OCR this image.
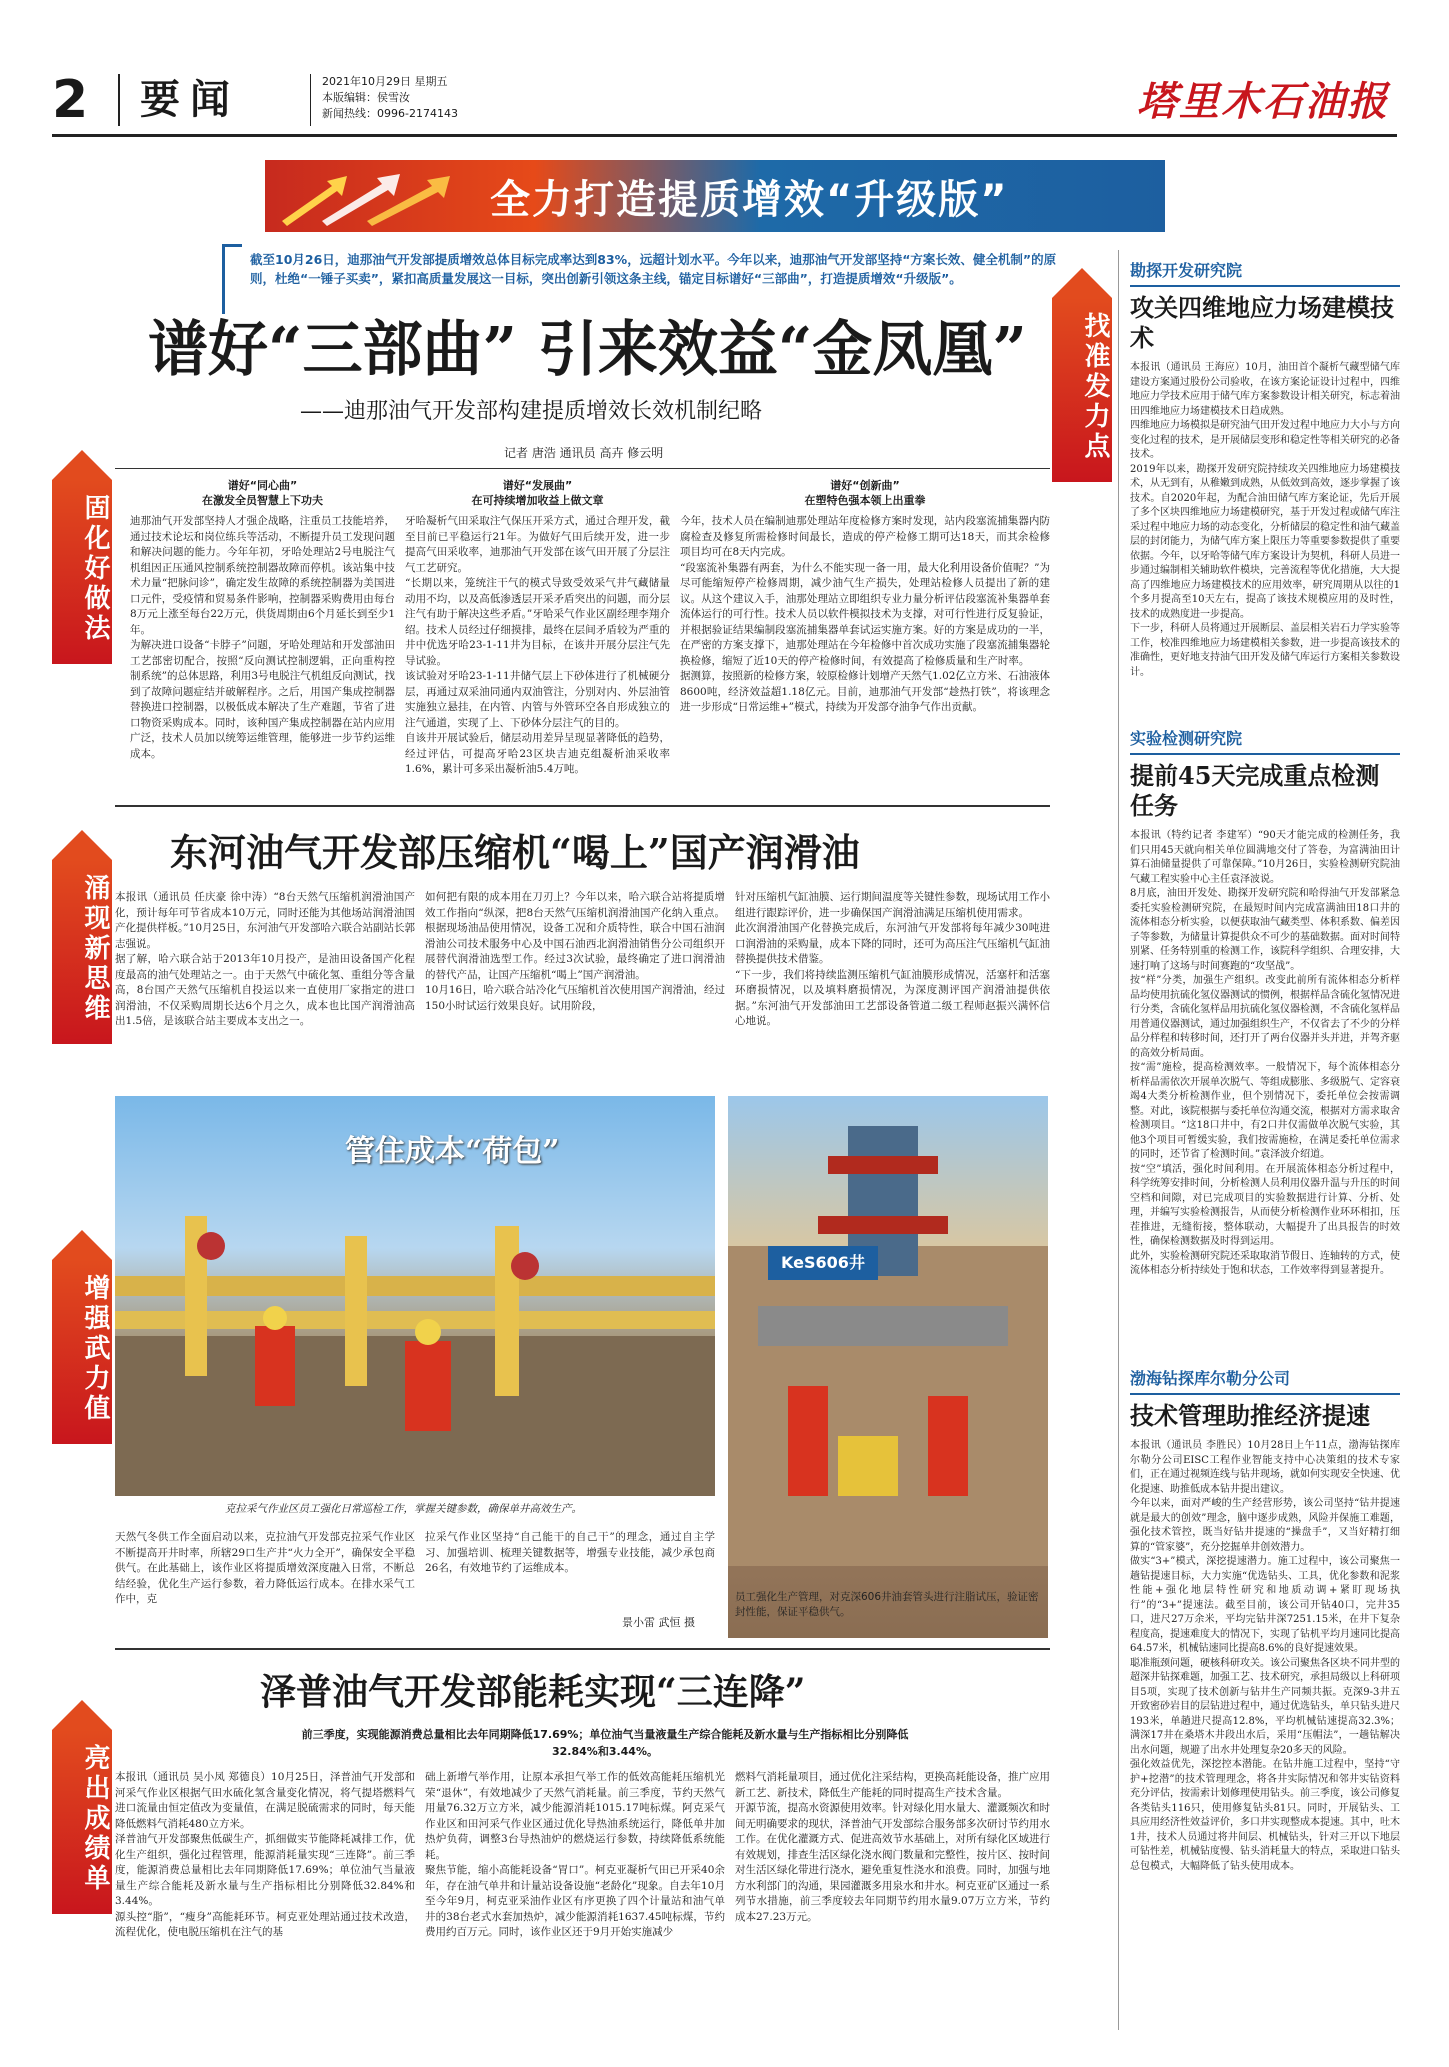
2 要闻	2021年10月29日 星期五
本版编辑：侯雪汝
新闻热线：0996-2174143	塔里木石油报
全力打造提质增效“升级版”
截至10月26日，迪那油气开发部提质增效总体目标完成率达到83%，远超计划水平。今年以来，迪那油气开发部坚持“方案长效、健全机制”的原则，杜绝“一锤子买卖”，紧扣高质量发展这一目标，突出创新引领这条主线，锚定目标谱好“三部曲”，打造提质增效“升级版”。
谱好“三部曲” 引来效益“金凤凰”
——迪那油气开发部构建提质增效长效机制纪略
记者 唐浩 通讯员 高卉 修云明
固化好做法
涌现新思维
增强武力值
亮出成绩单
找准发力点
谱好“同心曲”
在激发全员智慧上下功夫
迪那油气开发部坚持人才强企战略，注重员工技能培养，通过技术论坛和岗位练兵等活动，不断提升员工发现问题和解决问题的能力。今年年初，牙哈处理站2号电脱注气机组因正压通风控制系统控制器故障而停机。该站集中技术力量“把脉问诊”，确定发生故障的系统控制器为美国进口元件，受疫情和贸易条件影响，控制器采购费用由每台8万元上涨至每台22万元，供货周期由6个月延长到至少1年。
为解决进口设备“卡脖子”问题，牙哈处理站和开发部油田工艺部密切配合，按照“反向测试控制逻辑，正向重构控制系统”的总体思路，利用3号电脱注气机组反向测试，找到了故障问题症结并破解程序。之后，用国产集成控制器替换进口控制器，以极低成本解决了生产难题，节省了进口物资采购成本。同时，该种国产集成控制器在站内应用广泛，技术人员加以统筹运维管理，能够进一步节约运维成本。
谱好“发展曲”
在可持续增加收益上做文章
牙哈凝析气田采取注气保压开采方式，通过合理开发，截至目前已平稳运行21年。为做好气田后续开发，进一步提高气田采收率，迪那油气开发部在该气田开展了分层注气工艺研究。
“长期以来，笼统注干气的模式导致受效采气井气藏储量动用不均，以及高低渗透层开采矛盾突出的问题，而分层注气有助于解决这些矛盾。”牙哈采气作业区副经理李翔介绍。技术人员经过仔细摸排，最终在层间矛盾较为严重的井中优选牙哈23-1-11井为目标，在该井开展分层注气先导试验。
该试验对牙哈23-1-11井储气层上下砂体进行了机械硬分层，再通过双采油同通内双油管注，分别对内、外层油管实施独立悬挂，在内管、内管与外管环空各自形成独立的注气通道，实现了上、下砂体分层注气的目的。
自该井开展试验后，储层动用差异呈现显著降低的趋势，经过评估，可提高牙哈23区块吉迪克组凝析油采收率1.6%，累计可多采出凝析油5.4万吨。
谱好“创新曲”
在塑特色强本领上出重拳
今年，技术人员在编制迪那处理站年度检修方案时发现，站内段塞流捕集器内防腐检查及修复所需检修时间最长，造成的停产检修工期可达18天，而其余检修项目均可在8天内完成。
“段塞流补集器有两套，为什么不能实现一备一用，最大化利用设备价值呢？”为尽可能缩短停产检修周期，减少油气生产损失，处理站检修人员提出了新的建议。从这个建议入手，油那处理站立即组织专业力量分析评估段塞流补集器单套流体运行的可行性。技术人员以软件模拟技术为支撑，对可行性进行反复验证，并根据验证结果编制段塞流捕集器单套试运实施方案。好的方案是成功的一半，在严密的方案支撑下，迪那处理站在今年检修中首次成功实施了段塞流捕集器轮换检修，缩短了近10天的停产检修时间，有效提高了检修质量和生产时率。
据测算，按照新的检修方案，较原检修计划增产天然气1.02亿立方米、石油液体8600吨，经济效益超1.18亿元。目前，迪那油气开发部“趁热打铁”，将该理念进一步形成“日常运维+”模式，持续为开发部夺油争气作出贡献。
东河油气开发部压缩机“喝上”国产润滑油
本报讯（通讯员 任庆豪 徐中涛）“8台天然气压缩机润滑油国产化，预计每年可节省成本10万元，同时还能为其他场站润滑油国产化提供样板。”10月25日，东河油气开发部哈六联合站副站长郭志强说。
据了解，哈六联合站于2013年10月投产，是油田设备国产化程度最高的油气处理站之一。由于天然气中硫化氢、重组分等含量高，8台国产天然气压缩机自投运以来一直使用厂家指定的进口润滑油，不仅采购周期长达6个月之久，成本也比国产润滑油高出1.5倍，是该联合站主要成本支出之一。
如何把有限的成本用在刀刃上？今年以来，哈六联合站将提质增效工作指向“纵深，把8台天然气压缩机润滑油国产化纳入重点。根据现场油品使用情况，设备工况和介质特性，联合中国石油润滑油公司技术服务中心及中国石油西北润滑油销售分公司组织开展替代润滑油选型工作。经过3次试验，最终确定了进口润滑油的替代产品，让国产压缩机“喝上”国产润滑油。
10月16日，哈六联合站冷化气压缩机首次使用国产润滑油，经过150小时试运行效果良好。试用阶段，
针对压缩机气缸油膜、运行期间温度等关键性参数，现场试用工作小组进行跟踪评价，进一步确保国产润滑油满足压缩机使用需求。
此次润滑油国产化替换完成后，东河油气开发部将每年减少30吨进口润滑油的采购量，成本下降的同时，还可为高压注气压缩机气缸油替换提供技术借鉴。
“下一步，我们将持续监测压缩机气缸油膜形成情况，活塞杆和活塞环磨损情况，以及填料磨损情况，为深度测评国产润滑油提供依据。”东河油气开发部油田工艺部设备管道二级工程师赵振兴满怀信心地说。
管住成本“荷包”
克拉采气作业区员工强化日常巡检工作，掌握关键参数，确保单井高效生产。
KeS606井
员工强化生产管理，对克深606井油套管头进行注脂试压，验证密封性能，保证平稳供气。
天然气冬供工作全面启动以来，克拉油气开发部克拉采气作业区不断提高开井时率，所辖29口生产井“火力全开”，确保安全平稳供气。在此基础上，该作业区将提质增效深度融入日常，不断总结经验，优化生产运行参数，着力降低运行成本。在排水采气工作中，克
拉采气作业区坚持“自己能干的自己干”的理念，通过自主学习、加强培训、梳理关键数据等，增强专业技能，减少承包商26名，有效地节约了运维成本。
景小雷 武恒 摄
泽普油气开发部能耗实现“三连降”
前三季度，实现能源消费总量相比去年同期降低17.69%；单位油气当量液量生产综合能耗及新水量与生产指标相比分别降低32.84%和3.44%。
本报讯（通讯员 吴小凤 郑德良）10月25日，泽普油气开发部和河采气作业区根据气田水硫化氢含量变化情况，将气提塔燃料气进口流量由恒定值改为变量值，在满足脱硫需求的同时，每天能降低燃料气消耗480立方米。
泽普油气开发部聚焦低碳生产，抓细做实节能降耗减排工作，优化生产组织，强化过程管理，能源消耗量实现“三连降”。前三季度，能源消费总量相比去年同期降低17.69%；单位油气当量液量生产综合能耗及新水量与生产指标相比分别降低32.84%和3.44%。
源头控“脂”，“瘦身”高能耗环节。柯克亚处理站通过技术改造，流程优化，使电脱压缩机在注气的基
础上新增气举作用，让原本承担气举工作的低效高能耗压缩机光荣“退休”，有效地减少了天然气消耗量。前三季度，节约天然气用量76.32万立方米，减少能源消耗1015.17吨标煤。阿克采气作业区和田河采气作业区通过优化导热油系统运行，降低单井加热炉负荷，调整3台导热油炉的燃烧运行参数，持续降低系统能耗。
聚焦节能，缩小高能耗设备“胃口”。柯克亚凝析气田已开采40余年，存在油气单井和计量站设备设施“老龄化”现象。自去年10月至今年9月，柯克亚采油作业区有序更换了四个计量站和油气单井的38台老式水套加热炉，减少能源消耗1637.45吨标煤，节约费用约百万元。同时，该作业区还于9月开始实施减少
燃料气消耗量项目，通过优化注采结构，更换高耗能设备，推广应用新工艺、新技术，降低生产能耗的同时提高生产技术含量。
开源节流，提高水资源使用效率。针对绿化用水量大、灌溉频次和时间无明确要求的现状，泽普油气开发部综合服务部多次研讨节约用水工作。在优化灌溉方式、促进高效节水基础上，对所有绿化区域进行有效规划，排查生活区绿化浇水阀门数量和完整性，按片区、按时间对生活区绿化带进行浇水，避免重复性浇水和浪费。同时，加强与地方水利部门的沟通，果园灌溉多用泉水和井水。柯克亚矿区通过一系列节水措施，前三季度较去年同期节约用水量9.07万立方米，节约成本27.23万元。
勘探开发研究院
攻关四维地应力场建模技术
本报讯（通讯员 王海应）10月，油田首个凝析气藏型储气库建设方案通过股份公司验收，在该方案论证设计过程中，四维地应力学技术应用于储气库方案参数设计相关研究，标志着油田四维地应力场建模技术日趋成熟。
四维地应力场模拟是研究油气田开发过程中地应力大小与方向变化过程的技术，是开展储层变形和稳定性等相关研究的必备技术。
2019年以来，勘探开发研究院持续攻关四维地应力场建模技术，从无到有，从稚嫩到成熟，从低效到高效，逐步掌握了该技术。自2020年起，为配合油田储气库方案论证，先后开展了多个区块四维地应力场建模研究，基于开发过程或储气库注采过程中地应力场的动态变化，分析储层的稳定性和油气藏盖层的封闭能力，为储气库方案上限压力等重要参数提供了重要依据。今年，以牙哈等储气库方案设计为契机，科研人员进一步通过编制相关辅助软件模块，完善流程等优化措施，大大提高了四维地应力场建模技术的应用效率，研究周期从以往的1个多月提高至10天左右，提高了该技术规模应用的及时性，技术的成熟度进一步提高。
下一步，科研人员将通过开展断层、盖层相关岩石力学实验等工作，校准四维地应力场建模相关参数，进一步提高该技术的准确性，更好地支持油气田开发及储气库运行方案相关参数设计。
实验检测研究院
提前45天完成重点检测任务
本报讯（特约记者 李建军）“90天才能完成的检测任务，我们只用45天就向相关单位圆满地交付了答卷，为富满油田计算石油储量提供了可靠保障。”10月26日，实验检测研究院油气藏工程实验中心主任袁泽波说。
8月底，油田开发处、勘探开发研究院和哈得油气开发部紧急委托实验检测研究院，在最短时间内完成富满油田18口井的流体相态分析实验，以便获取油气藏类型、体积系数、偏差因子等参数，为储量计算提供众不可少的基础数据。面对时间特别紧、任务特别重的检测工作，该院科学组织、合理安排，大速打响了这场与时间赛跑的“攻坚战”。
按“样”分类，加强生产组织。改变此前所有流体相态分析样品均使用抗硫化氢仪器测试的惯例，根据样品含硫化氢情况进行分类，含硫化氢样品用抗硫化氢仪器检测，不含硫化氢样品用普通仪器测试，通过加强组织生产，不仅省去了不少的分样品分样程和转移时间，还打开了两台仪器并头并进，并驾齐驱的高效分析局面。
按“需”施检，提高检测效率。一般情况下，每个流体相态分析样品需依次开展单次脱气、等组成膨胀、多级脱气、定容衰竭4大类分析检测作业，但个别情况下，委托单位会按需调整。对此，该院根据与委托单位沟通交流，根据对方需求取舍检测项目。“这18口井中，有2口井仅需做单次脱气实验，其他3个项目可暂缓实验，我们按需施检，在满足委托单位需求的同时，还节省了检测时间。”袁泽波介绍道。
按“空”填活，强化时间利用。在开展流体相态分析过程中，科学统筹安排时间，分析检测人员利用仪器升温与升压的时间空档和间隙，对已完成项目的实验数据进行计算、分析、处理，并编写实验检测报告，从而使分析检测作业环环相扣，压茬推进，无缝衔接，整体联动，大幅提升了出具报告的时效性，确保检测数据及时得到运用。
此外，实验检测研究院还采取取消节假日、连轴转的方式，使流体相态分析持续处于饱和状态，工作效率得到显著提升。
渤海钻探库尔勒分公司
技术管理助推经济提速
本报讯（通讯员 李胜民）10月28日上午11点，渤海钻探库尔勒分公司EISC工程作业智能支持中心决策组的技术专家们，正在通过视频连线与钻井现场，就如何实现安全快速、优化提速、助推低成本钻井提出建议。
今年以来，面对严峻的生产经营形势，该公司坚持“钻井提速就是最大的创效”理念，脑中逐步成熟，风险并保施工难题，强化技术管控，既当好钻井提速的“操盘手”，又当好精打细算的“管家婆”，充分挖掘单井创效潜力。
做实“3+”模式，深挖提速潜力。施工过程中，该公司聚焦一趟钻提速目标，大力实施“优选钻头、工具，优化参数和泥浆性能+强化地层特性研究和地质动调+紧盯现场执行”的“3+”提速法。截至目前，该公司开钻40口，完井35口，进尺27万余米，平均完钻井深7251.15米，在井下复杂程度高，提速难度大的情况下，实现了钻机平均月速同比提高64.57米，机械钻速同比提高8.6%的良好提速效果。
聪准瓶颈问题，硬核科研攻关。该公司聚焦各区块不同井型的超深井钻探难题，加强工艺、技术研究，承担局级以上科研项目5项，实现了技术创新与钻井生产同频共振。克深9-3井五开致密砂岩目的层钻进过程中，通过优选钻头，单只钻头进尺193米，单趟进尺提高12.8%，平均机械钻速提高32.3%；满深17井在桑塔木井段出水后，采用“压帽法”，一趟钻解决出水问题，规避了出水井处理复杂20多天的风险。
强化效益优先，深挖控本潜能。在钻井施工过程中，坚持“守护+挖潜”的技术管理理念，将各井实际情况和邻井实钻资料充分评估，按需索计划修理使用钻头。前三季度，该公司修复各类钻头116只，使用修复钻头81只。同时，开展钻头、工具应用经济性效益评价，多口井实现整成本提速。其中，吐木1井，技术人员通过将井间层、机械钻头，针对三开以下地层可钻性差，机械钻度慢、钻头消耗量大的特点，采取进口钻头总包模式，大幅降低了钻头使用成本。
